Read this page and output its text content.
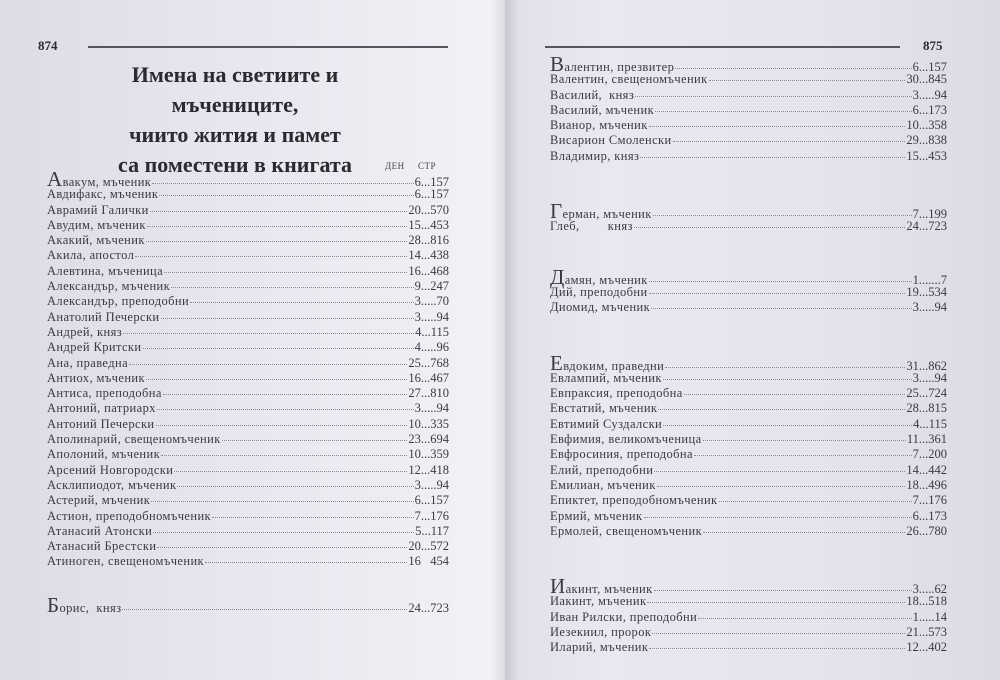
874
Имена на светиите и мъчениците,
чиито жития и памет
са поместени в книгата	ДЕН СТР
Авакум, мъченик	6...157
Авдифакс, мъченик	6...157
Аврамий Галички	20...570
Авудим, мъченик	15...453
Акакий, мъченик	28...816
Акила, апостол	14...438
Алевтина, мъченица	16...468
Александър, мъченик	9...247
Александър, преподобни	3.....70
Анатолий Печерски	3.....94
Андрей, княз	4...115
Андрей Критски	4.....96
Ана, праведна	25...768
Антиох, мъченик	16...467
Антиса, преподобна	27...810
Антоний, патриарх	3.....94
Антоний Печерски	10...335
Аполинарий, свещеномъченик	23...694
Аполоний, мъченик	10...359
Арсений Новгородски	12...418
Асклипиодот, мъченик	3.....94
Астерий, мъченик	6...157
Астион, преподобномъченик	7...176
Атанасий Атонски	5...117
Атанасий Брестски	20...572
Атиноген, свещеномъченик	16   454
Борис,  княз	24...723
875
Валентин, презвитер	6...157
Валентин, свещеномъченик	30...845
Василий,  княз	3.....94
Василий, мъченик	6...173
Вианор, мъченик	10...358
Висарион Смоленски	29...838
Владимир, княз	15...453
Герман, мъченик	7...199
Глеб,        княз	24...723
Дамян, мъченик	1.......7
Дий, преподобни	19...534
Диомид, мъченик	3.....94
Евдоким, праведни	31...862
Евлампий, мъченик	3.....94
Евпраксия, преподобна	25...724
Евстатий, мъченик	28...815
Евтимий Суздалски	4...115
Евфимия, великомъченица	11...361
Евфросиния, преподобна	7...200
Елий, преподобни	14...442
Емилиан, мъченик	18...496
Епиктет, преподобномъченик	7...176
Ермий, мъченик	6...173
Ермолей, свещеномъченик	26...780
Иакинт, мъченик	3.....62
Иакинт, мъченик	18...518
Иван Рилски, преподобни	1.....14
Иезекиил, пророк	21...573
Иларий, мъченик	12...402
